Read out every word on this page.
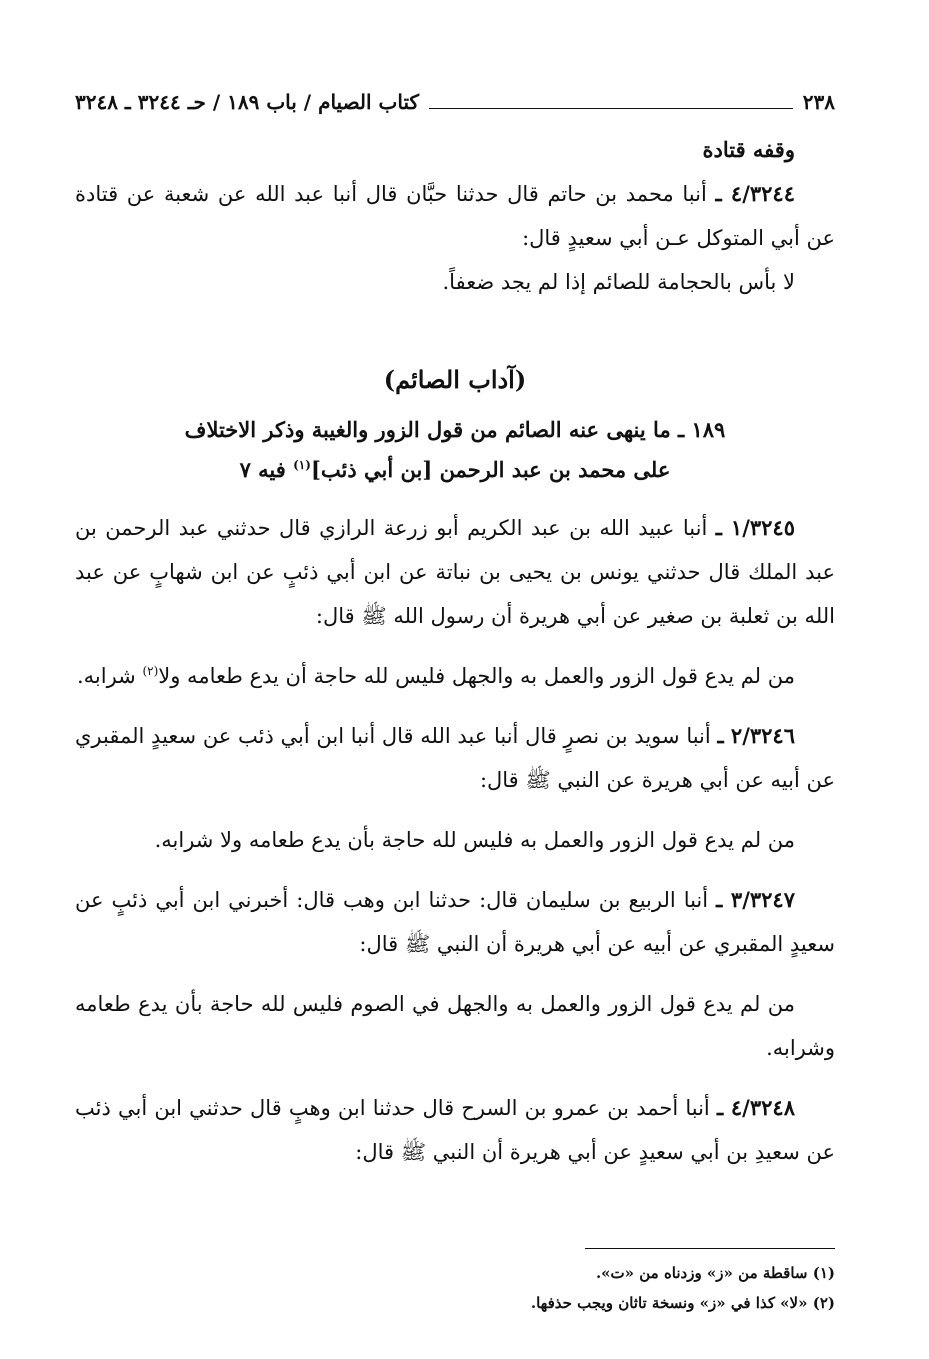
٢٣٨
كتاب الصيام / باب ١٨٩ / حـ ٣٢٤٤ ـ ٣٢٤٨

وقفه قتادة

٤/٣٢٤٤ ـ أنبا محمد بن حاتم قال حدثنا حبَّان قال أنبا عبد الله عن شعبة عن قتادة عن أبي المتوكل عـن أبي سعيدٍ قال:

لا بأس بالحجامة للصائم إذا لم يجد ضعفاً.

(آداب الصائم)

١٨٩ ـ ما ينهى عنه الصائم من قول الزور والغيبة وذكر الاختلاف

على محمد بن عبد الرحمن [بن أبي ذئب]$^{(١)}$ فيه ٧

١/٣٢٤٥ ـ أنبا عبيد الله بن عبد الكريم أبو زرعة الرازي قال حدثني عبد الرحمن بن عبد الملك قال حدثني يونس بن يحيى بن نباتة عن ابن أبي ذئبٍ عن ابن شهابٍ عن عبد الله بن ثعلبة بن صغير عن أبي هريرة أن رسول الله ﷺ قال:

من لم يدع قول الزور والعمل به والجهل فليس لله حاجة أن يدع طعامه ولا$^{(٢)}$ شرابه.

٢/٣٢٤٦ ـ أنبا سويد بن نصرٍ قال أنبا عبد الله قال أنبا ابن أبي ذئب عن سعيدٍ المقبري عن أبيه عن أبي هريرة عن النبي ﷺ قال:

من لم يدع قول الزور والعمل به فليس لله حاجة بأن يدع طعامه ولا شرابه.

٣/٣٢٤٧ ـ أنبا الربيع بن سليمان قال: حدثنا ابن وهب قال: أخبرني ابن أبي ذئبٍ عن سعيدٍ المقبري عن أبيه عن أبي هريرة أن النبي ﷺ قال:

من لم يدع قول الزور والعمل به والجهل في الصوم فليس لله حاجة بأن يدع طعامه وشرابه.

٤/٣٢٤٨ ـ أنبا أحمد بن عمرو بن السرح قال حدثنا ابن وهبٍ قال حدثني ابن أبي ذئب عن سعيدِ بن أبي سعيدٍ عن أبي هريرة أن النبي ﷺ قال:

(١) ساقطة من «ز» وزدناه من «ت».

(٢) «لا» كذا في «ز» ونسخة تاثان ويجب حذفها.
